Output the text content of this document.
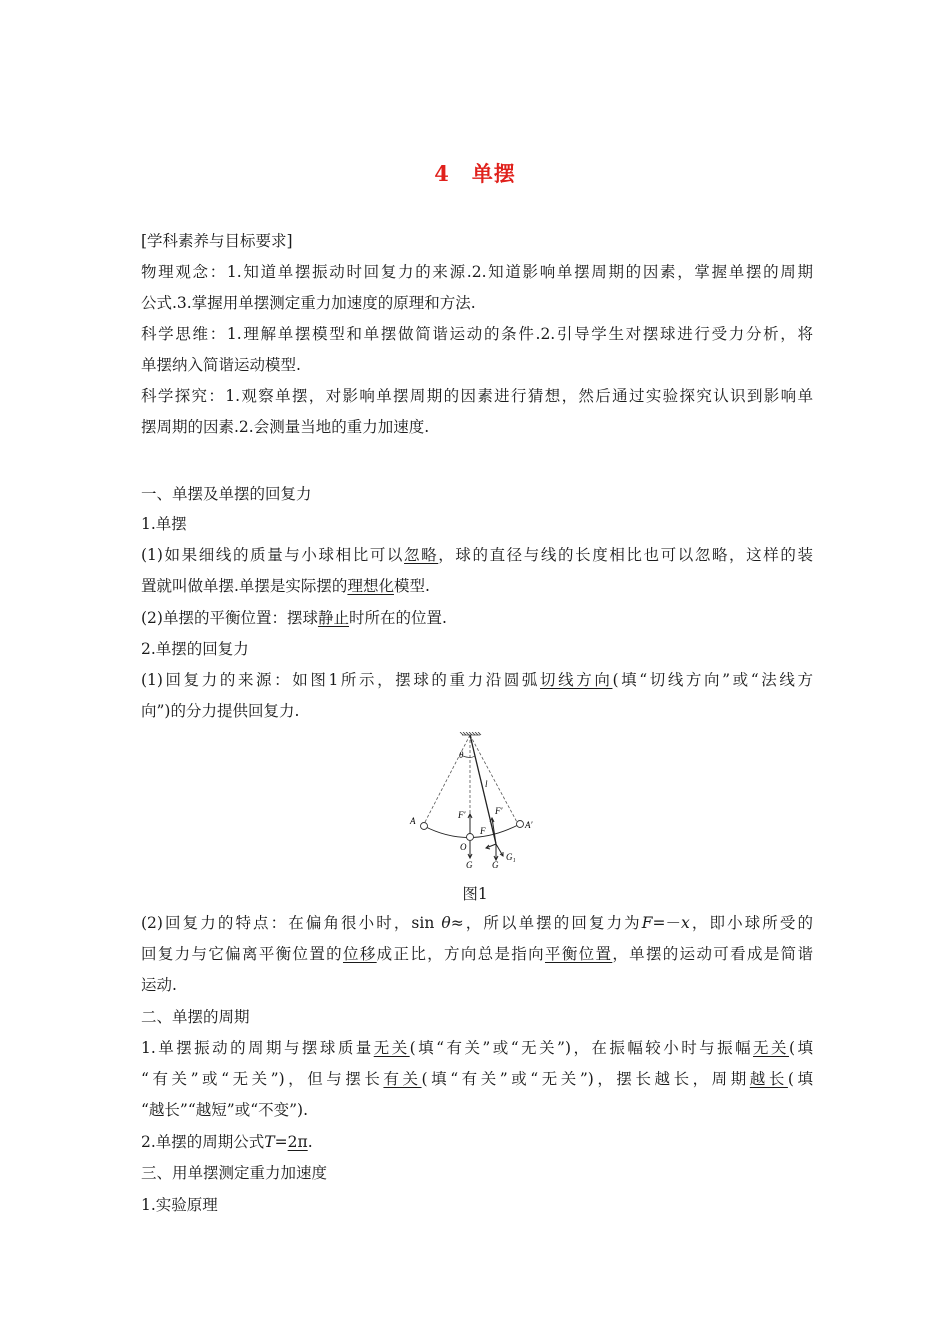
4 单摆
[学科素养与目标要求]
物理观念：1.知道单摆振动时回复力的来源.2.知道影响单摆周期的因素，掌握单摆的周期
公式.3.掌握用单摆测定重力加速度的原理和方法.
科学思维：1.理解单摆模型和单摆做简谐运动的条件.2.引导学生对摆球进行受力分析，将
单摆纳入简谐运动模型.
科学探究：1.观察单摆，对影响单摆周期的因素进行猜想，然后通过实验探究认识到影响单
摆周期的因素.2.会测量当地的重力加速度.
一、单摆及单摆的回复力
1.单摆
(1)如果细线的质量与小球相比可以忽略，球的直径与线的长度相比也可以忽略，这样的装
置就叫做单摆.单摆是实际摆的理想化模型.
(2)单摆的平衡位置：摆球静止时所在的位置.
2.单摆的回复力
(1)回复力的来源：如图1所示，摆球的重力沿圆弧切线方向(填“切线方向”或“法线方
向”)的分力提供回复力.
θ
l
A	A′
O
F′	F′
F
G G
G₁
图1
(2)回复力的特点：在偏角很小时，sin θ≈，所以单摆的回复力为F=－x，即小球所受的
回复力与它偏离平衡位置的位移成正比，方向总是指向平衡位置，单摆的运动可看成是简谐
运动.
二、单摆的周期
1.单摆振动的周期与摆球质量无关(填“有关”或“无关”)，在振幅较小时与振幅无关(填
“有关”或“无关”)，但与摆长有关(填“有关”或“无关”)，摆长越长，周期越长(填
“越长”“越短”或“不变”).
2.单摆的周期公式T=2π.
三、用单摆测定重力加速度
1.实验原理
